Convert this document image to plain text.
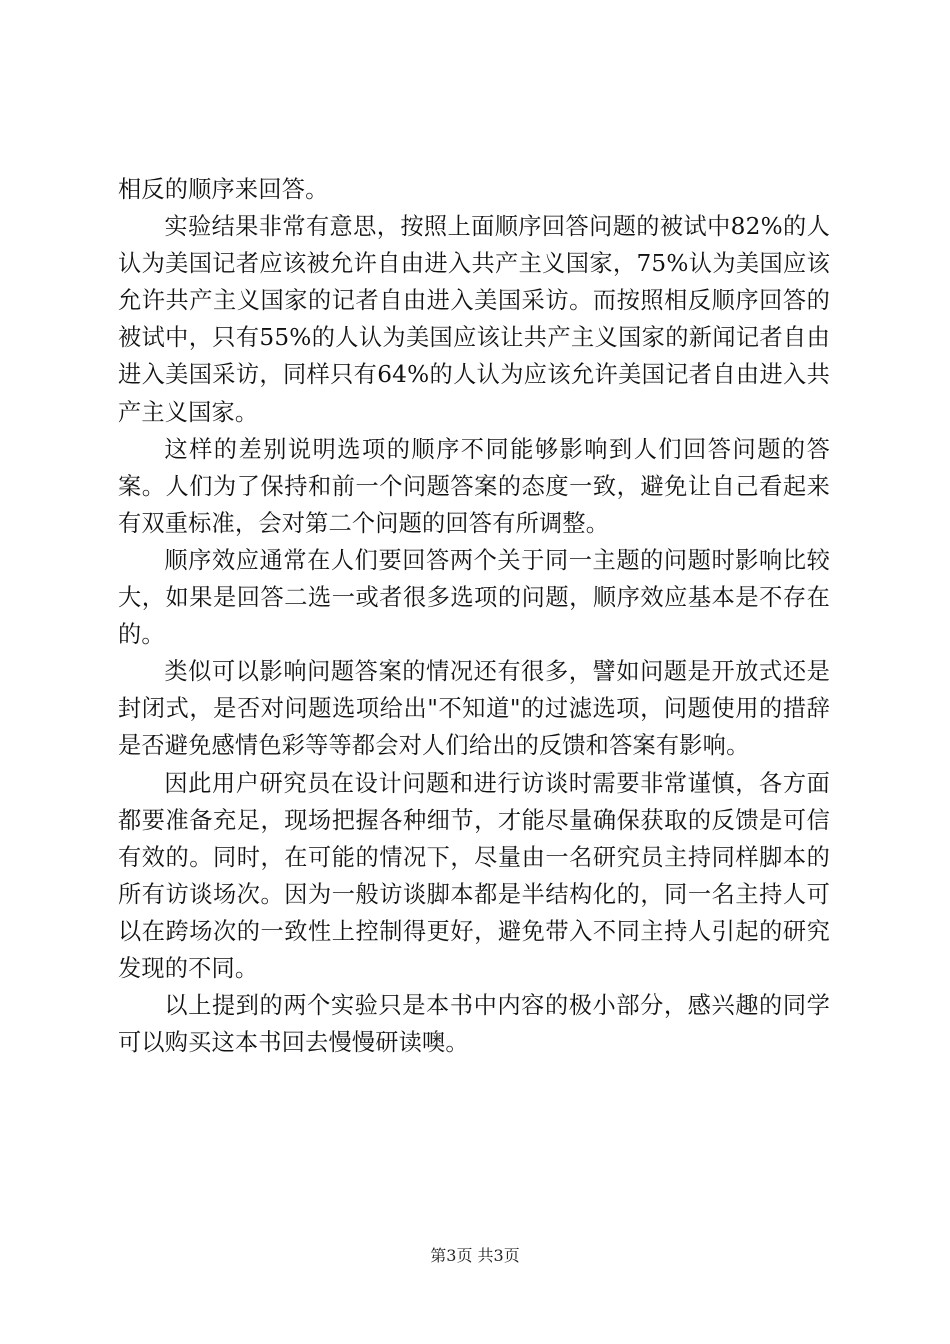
相反的顺序来回答。

实验结果非常有意思，按照上面顺序回答问题的被试中82%的人认为美国记者应该被允许自由进入共产主义国家，75%认为美国应该允许共产主义国家的记者自由进入美国采访。而按照相反顺序回答的被试中，只有55%的人认为美国应该让共产主义国家的新闻记者自由进入美国采访，同样只有64%的人认为应该允许美国记者自由进入共产主义国家。

这样的差别说明选项的顺序不同能够影响到人们回答问题的答案。人们为了保持和前一个问题答案的态度一致，避免让自己看起来有双重标准，会对第二个问题的回答有所调整。

顺序效应通常在人们要回答两个关于同一主题的问题时影响比较大，如果是回答二选一或者很多选项的问题，顺序效应基本是不存在的。

类似可以影响问题答案的情况还有很多，譬如问题是开放式还是封闭式，是否对问题选项给出"不知道"的过滤选项，问题使用的措辞是否避免感情色彩等等都会对人们给出的反馈和答案有影响。

因此用户研究员在设计问题和进行访谈时需要非常谨慎，各方面都要准备充足，现场把握各种细节，才能尽量确保获取的反馈是可信有效的。同时，在可能的情况下，尽量由一名研究员主持同样脚本的所有访谈场次。因为一般访谈脚本都是半结构化的，同一名主持人可以在跨场次的一致性上控制得更好，避免带入不同主持人引起的研究发现的不同。

以上提到的两个实验只是本书中内容的极小部分，感兴趣的同学可以购买这本书回去慢慢研读噢。

第3页 共3页
